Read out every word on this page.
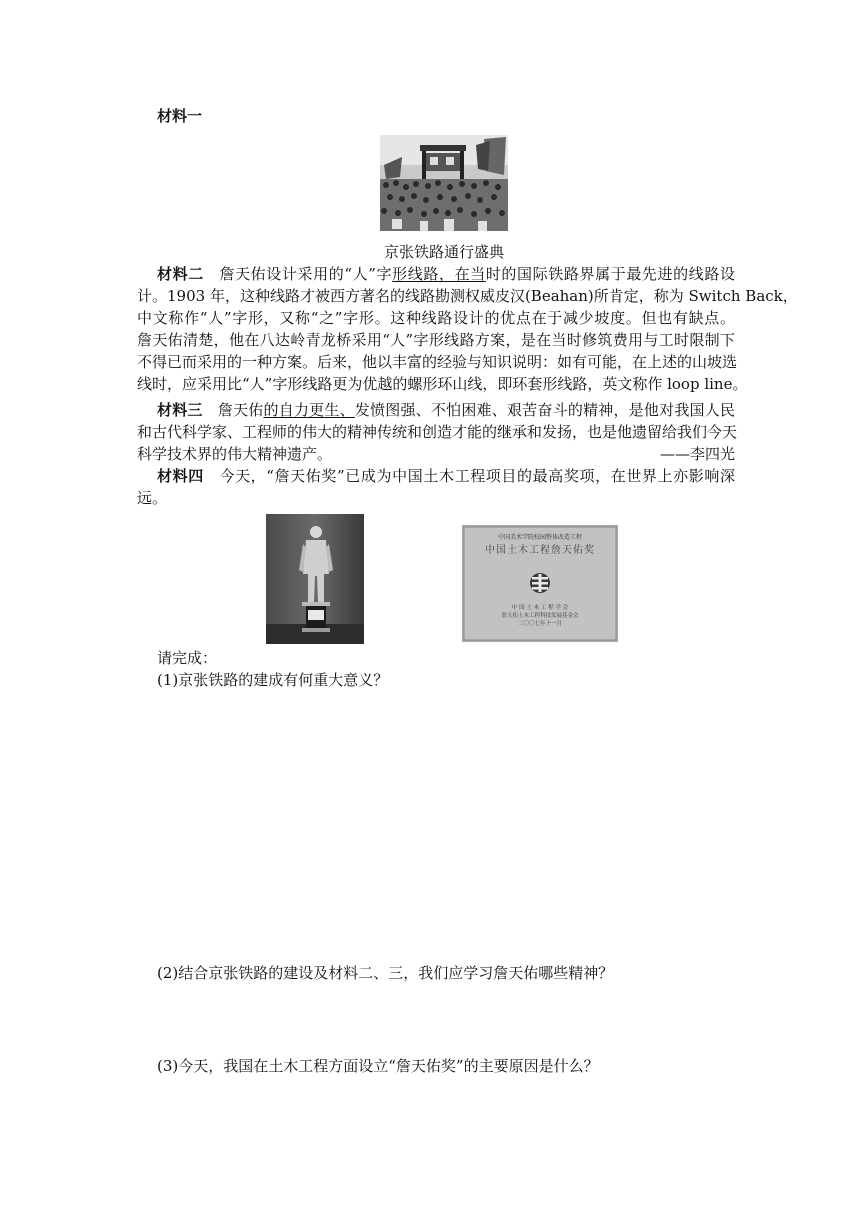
材料一
京张铁路通行盛典
材料二  詹天佑设计采用的“人”字形线路，在当时的国际铁路界属于最先进的线路设
计。1903 年，这种线路才被西方著名的线路勘测权威皮汉(Beahan)所肯定，称为 Switch Back，
中文称作“人”字形，又称“之”字形。这种线路设计的优点在于减少坡度。但也有缺点。
詹天佑清楚，他在八达岭青龙桥采用“人”字形线路方案，是在当时修筑费用与工时限制下
不得已而采用的一种方案。后来，他以丰富的经验与知识说明：如有可能，在上述的山坡选
线时，应采用比“人”字形线路更为优越的螺形环山线，即环套形线路，英文称作 loop line。
材料三  詹天佑的自力更生、发愤图强、不怕困难、艰苦奋斗的精神，是他对我国人民
和古代科学家、工程师的伟大的精神传统和创造才能的继承和发扬，也是他遗留给我们今天
科学技术界的伟大精神遗产。	——李四光
材料四  今天，“詹天佑奖”已成为中国土木工程项目的最高奖项，在世界上亦影响深
远。
中国美术学院校园整体改造工程
中国土木工程詹天佑奖
中 国 土 木 工 程 学 会
詹天佑土木工程科技发展基金会
二〇〇七年十一月
请完成：
(1)京张铁路的建成有何重大意义？
(2)结合京张铁路的建设及材料二、三，我们应学习詹天佑哪些精神？
(3)今天，我国在土木工程方面设立“詹天佑奖”的主要原因是什么？
